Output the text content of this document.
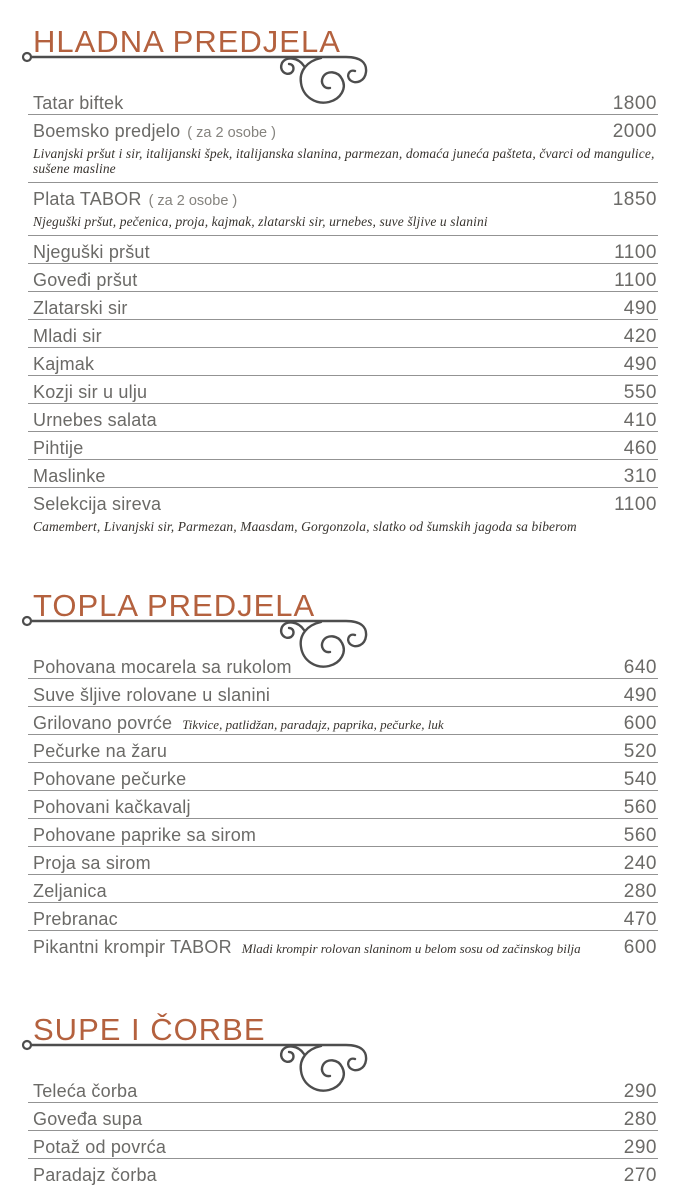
HLADNA PREDJELA
Tatar biftek	1800
Boemsko predjelo ( za 2 osobe )	2000

Livanjski pršut i sir, italijanski špek, italijanska slanina, parmezan, domaća juneća pašteta, čvarci od mangulice, sušene masline

Plata TABOR ( za 2 osobe )	1850

Njeguški pršut, pečenica, proja, kajmak, zlatarski sir, urnebes, suve šljive u slanini

Njeguški pršut	1100
Goveđi pršut	1100
Zlatarski sir	490
Mladi sir	420
Kajmak	490
Kozji sir u ulju	550
Urnebes salata	410
Pihtije	460
Maslinke	310
Selekcija sireva	1100

Camembert, Livanjski sir, Parmezan, Maasdam, Gorgonzola, slatko od šumskih jagoda sa biberom

TOPLA PREDJELA
Pohovana mocarela sa rukolom	640
Suve šljive rolovane u slanini	490
Grilovano povrće Tikvice, patlidžan, paradajz, paprika, pečurke, luk	600
Pečurke na žaru	520
Pohovane pečurke	540
Pohovani kačkavalj	560
Pohovane paprike sa sirom	560
Proja sa sirom	240
Zeljanica	280
Prebranac	470
Pikantni krompir TABOR Mladi krompir rolovan slaninom u belom sosu od začinskog bilja 600
SUPE I ČORBE
Teleća čorba	290
Goveđa supa	280
Potaž od povrća	290
Paradajz čorba	270
